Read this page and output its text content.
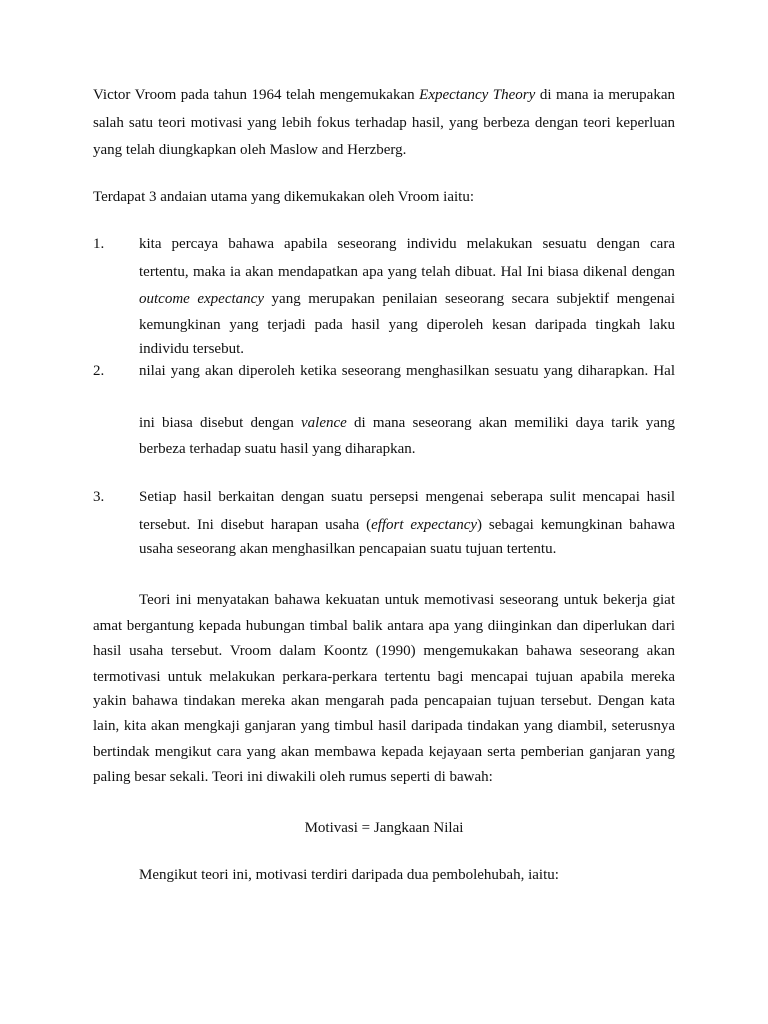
Victor Vroom pada tahun 1964 telah mengemukakan Expectancy Theory di mana ia merupakan
salah satu teori motivasi yang lebih fokus terhadap hasil, yang berbeza dengan teori keperluan
yang telah diungkapkan oleh Maslow and Herzberg.
Terdapat 3 andaian utama yang dikemukakan oleh Vroom iaitu:
1. kita percaya bahawa apabila seseorang individu melakukan sesuatu dengan cara
tertentu, maka ia akan mendapatkan apa yang telah dibuat. Hal Ini biasa dikenal dengan
outcome expectancy yang merupakan penilaian seseorang secara subjektif mengenai
kemungkinan yang terjadi pada hasil yang diperoleh kesan daripada tingkah laku
individu tersebut.
2. nilai yang akan diperoleh ketika seseorang menghasilkan sesuatu yang diharapkan. Hal
ini biasa disebut dengan valence di mana seseorang akan memiliki daya tarik yang
berbeza terhadap suatu hasil yang diharapkan.
3. Setiap hasil berkaitan dengan suatu persepsi mengenai seberapa sulit mencapai hasil
tersebut. Ini disebut harapan usaha (effort expectancy) sebagai kemungkinan bahawa
usaha seseorang akan menghasilkan pencapaian suatu tujuan tertentu.
Teori ini menyatakan bahawa kekuatan untuk memotivasi seseorang untuk bekerja giat
amat bergantung kepada hubungan timbal balik antara apa yang diinginkan dan diperlukan dari
hasil usaha tersebut. Vroom dalam Koontz (1990) mengemukakan bahawa seseorang akan
termotivasi untuk melakukan perkara-perkara tertentu bagi mencapai tujuan apabila mereka
yakin bahawa tindakan mereka akan mengarah pada pencapaian tujuan tersebut. Dengan kata
lain, kita akan mengkaji ganjaran yang timbul hasil daripada tindakan yang diambil, seterusnya
bertindak mengikut cara yang akan membawa kepada kejayaan serta pemberian ganjaran yang
paling besar sekali. Teori ini diwakili oleh rumus seperti di bawah:
Motivasi = Jangkaan Nilai
Mengikut teori ini, motivasi terdiri daripada dua pembolehubah, iaitu:
